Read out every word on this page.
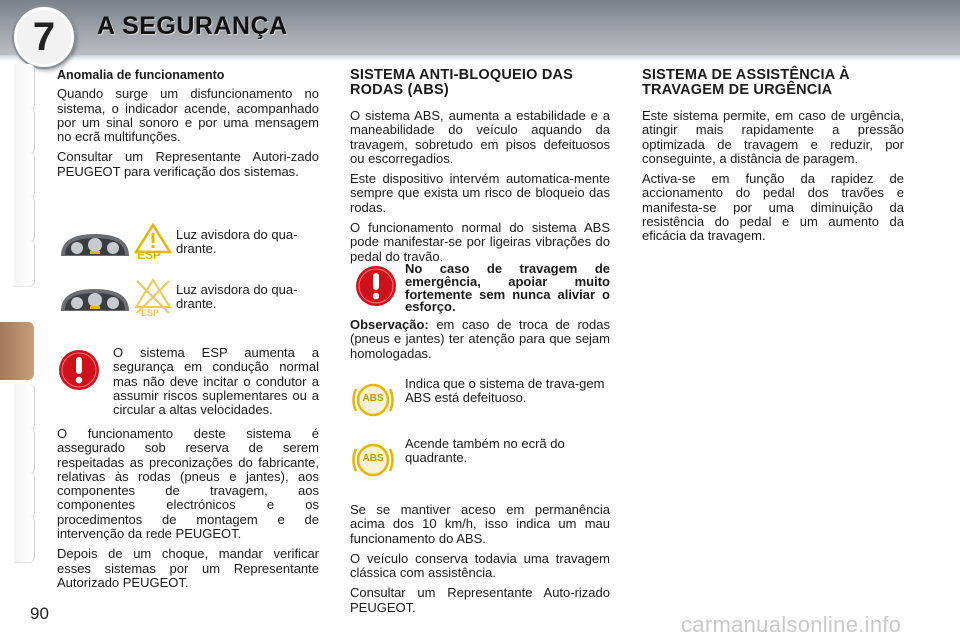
7	A SEGURANÇA
Anomalia de funcionamento

Quando surge um disfuncionamento no sistema, o indicador acende, acompanhado por um sinal sonoro e por uma mensagem no ecrã multifunções.

Consultar um Representante Autori-zado PEUGEOT para verificação dos sistemas.

ESP
Luz avisdora do qua-drante.
ESP
Luz avisdora do qua-drante.
O sistema ESP aumenta a segurança em condução normal mas não deve incitar o condutor a assumir riscos suplementares ou a circular a altas velocidades.

O funcionamento deste sistema é assegurado sob reserva de serem respeitadas as preconizações do fabricante, relativas às rodas (pneus e jantes), aos componentes de travagem, aos componentes electrónicos e os procedimentos de montagem e de intervenção da rede PEUGEOT.

Depois de um choque, mandar verificar esses sistemas por um Representante Autorizado PEUGEOT.

SISTEMA ANTI-BLOQUEIO DAS RODAS (ABS)

O sistema ABS, aumenta a estabilidade e a maneabilidade do veículo aquando da travagem, sobretudo em pisos defeituosos ou escorregadios.

Este dispositivo intervém automatica-mente sempre que exista um risco de bloqueio das rodas.

O funcionamento normal do sistema ABS pode manifestar-se por ligeiras vibrações do pedal do travão.

No caso de travagem de emergência, apoiar muito fortemente sem nunca aliviar o esforço.

Observação: em caso de troca de rodas (pneus e jantes) ter atenção para que sejam homologadas.

ABS
Indica que o sistema de trava-gem ABS está defeituoso.
ABS
Acende também no ecrã do quadrante.

Se se mantiver aceso em permanência acima dos 10 km/h, isso indica um mau funcionamento do ABS.

O veículo conserva todavia uma travagem clássica com assistência.

Consultar um Representante Auto-rizado PEUGEOT.

SISTEMA DE ASSISTÊNCIA À TRAVAGEM DE URGÊNCIA

Este sistema permite, em caso de urgência, atingir mais rapidamente a pressão optimizada de travagem e reduzir, por conseguinte, a distância de paragem.

Activa-se em função da rapidez de accionamento do pedal dos travões e manifesta-se por uma diminuição da resistência do pedal e um aumento da eficácia da travagem.

90	carmanualsonline.info
